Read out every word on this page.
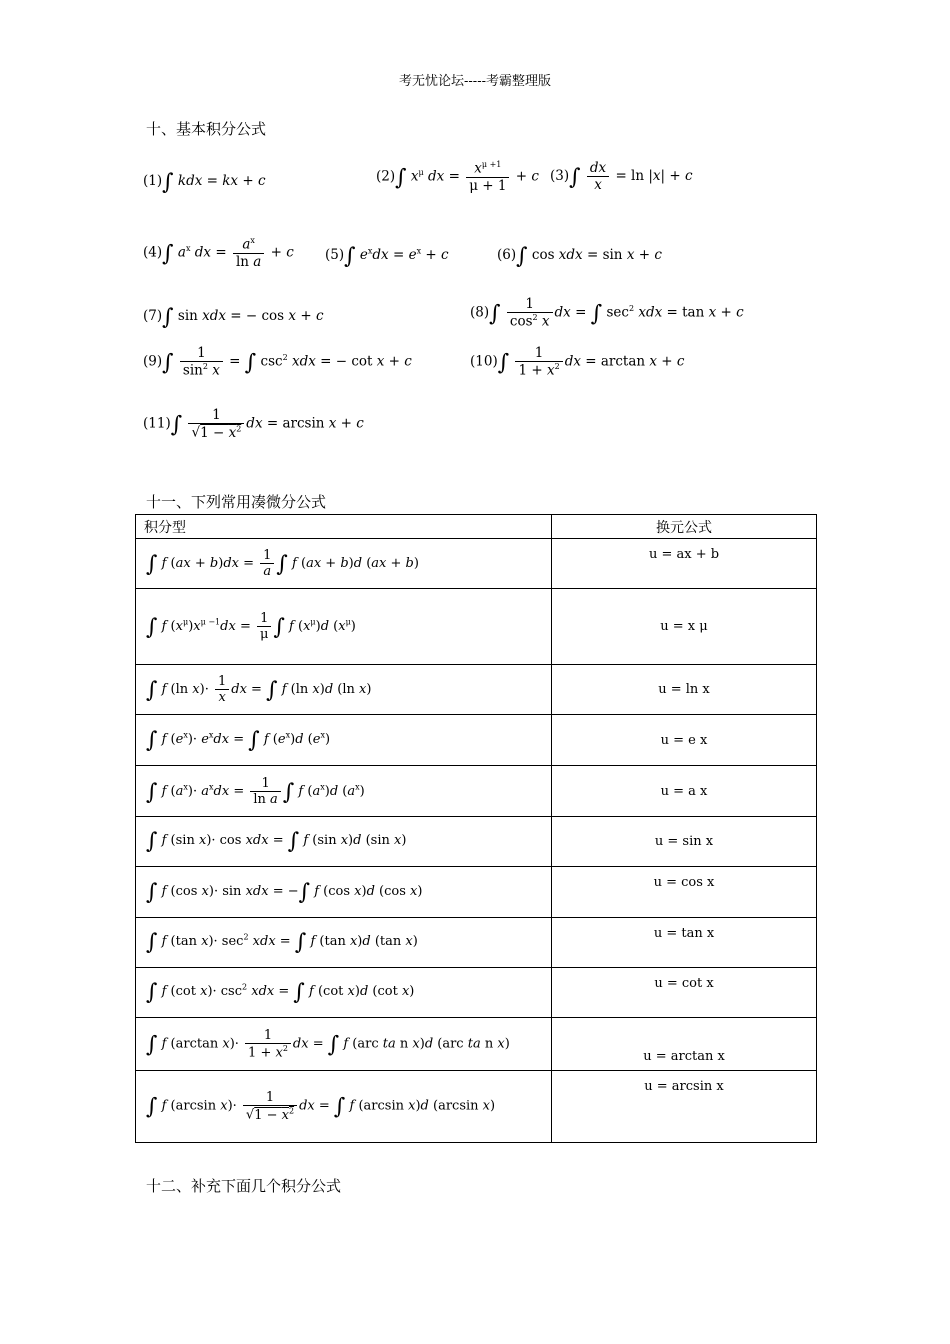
考无忧论坛-----考霸整理版
十、基本积分公式
(1)∫ kdx = kx + c	(2)∫ $x^\mu$ dx = $\frac{x^{\mu +1}}{\mu + 1} + c$ $(3)\int \frac{dx}{x} = \ln |x| + c$
(4)∫ $a^x$ dx = $\frac{a^x}{\text{ln a}} + c$ (5)∫ $e^xdx = e^x + c$	(6)∫ cos xdx = sin x + c
(7)∫ sin xdx = − cos x + c	$(8)\int \frac{1}{\cos^2 x}$ dx = ∫ $\sec^2$ xdx = tan x + c
$(9)\int \frac{1}{\sin^2 x}$ = ∫ $\csc^2$ xdx = − cot x + c	$(10)\int \frac{1}{1 + x^2}$ dx = arctan x + c
$(11)\int \frac{1}{√1 - x^2}$ dx = arcsin x + c
十一、下列常用凑微分公式
积分型	换元公式
∫ f $(ax + b)dx = \frac{1}{a}$ ∫ f (ax + b)d (ax + b)	u = ax + b
∫ f $(x^\mu)x^{\mu -1}dx = \frac{1}{\mu}$ ∫ f $(x^\mu)d$ $(x^\mu)$	u = x μ
∫ f (ln $x)\cdot \frac{1}{x}$ dx = ∫ f (ln x)d (ln x)	u = ln x
∫ f $(e^x)\cdot e^xdx$ = ∫ f $(e^x)d$ $(e^x)$	u = e x
∫ f $(a^x)\cdot a^xdx = \frac{1}{\text{ln a}}$ ∫ f $(a^x)d$ $(a^x)$	u = a x
∫ f (sin x)· cos xdx = ∫ f (sin x)d (sin x)	u = sin x
∫ f (cos x)· sin xdx = −∫ f (cos x)d (cos x)	u = cos x
∫ f (tan $x)\cdot \sec^2$ xdx = ∫ f (tan x)d (tan x)	u = tan x
∫ f (cot $x)\cdot \csc^2$ xdx = ∫ f (cot x)d (cot x)	u = cot x
∫ f (arctan $x)\cdot \frac{1}{1 + x^2}$ dx = ∫ f (arc ta n x)d (arc ta n x)	u = arctan x
∫ f (arcsin $x)\cdot \frac{1}{√1 - x^2}$ dx = ∫ f (arcsin x)d (arcsin x)	u = arcsin x
十二、补充下面几个积分公式
